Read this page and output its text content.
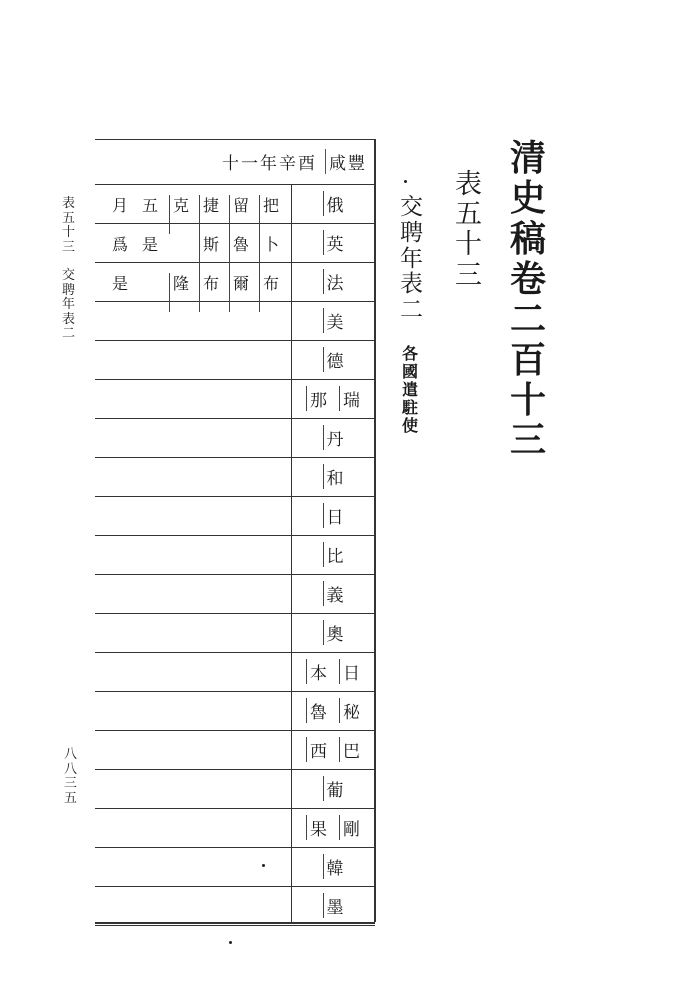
清
史
稿
卷
二
百
十
三
表
五
十
三
交
聘
年
表
二
各
國
遣
駐
使
表
五
十
三
交
聘
年
表
二
八
八
三
五
十一年辛酉 咸豐
俄
英
法
美
德
那 瑞
丹
和
日
比
義
奧
本 日
魯 秘
西 巴
葡
果 剛
韓
墨
把
卜
布
留
魯
爾
捷
斯
布
克

隆
五
是

月
爲
是
